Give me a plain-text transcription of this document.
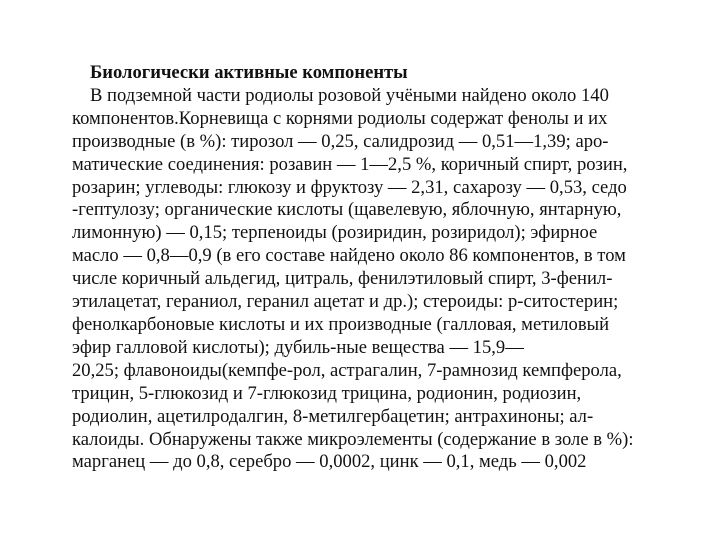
Биологически активные компоненты

В подземной части родиолы розовой учёными найдено около 140

компонентов.Корневища с корнями родиолы содержат фенолы и их

производные (в %): тирозол — 0,25, салидрозид — 0,51—1,39; аро-

матические соединения: розавин — 1—2,5 %, коричный спирт, розин,

розарин; углеводы: глюкозу и фруктозу — 2,31, сахарозу — 0,53, седо

-гептулозу; органические кислоты (щавелевую, яблочную, янтарную,

лимонную) — 0,15; терпеноиды (розиридин, розиридол); эфирное

масло — 0,8—0,9 (в его составе найдено около 86 компонентов, в том

числе коричный альдегид, цитраль, фенилэтиловый спирт, 3-фенил-

этилацетат, гераниол, геранил ацетат и др.); стероиды: р-ситостерин;

фенолкарбоновые кислоты и их производные (галловая, метиловый

эфир галловой кислоты); дубиль-ные вещества — 15,9—

20,25; флавоноиды(кемпфе-рол, астрагалин, 7-рамнозид кемпферола,

трицин, 5-глюкозид и 7-глюкозид трицина, родионин, родиозин,

родиолин, ацетилродалгин, 8-метилгербацетин; антрахиноны; ал-

калоиды. Обнаружены также микроэлементы (содержание в золе в %):

марганец — до 0,8, серебро — 0,0002, цинк — 0,1, медь — 0,002
